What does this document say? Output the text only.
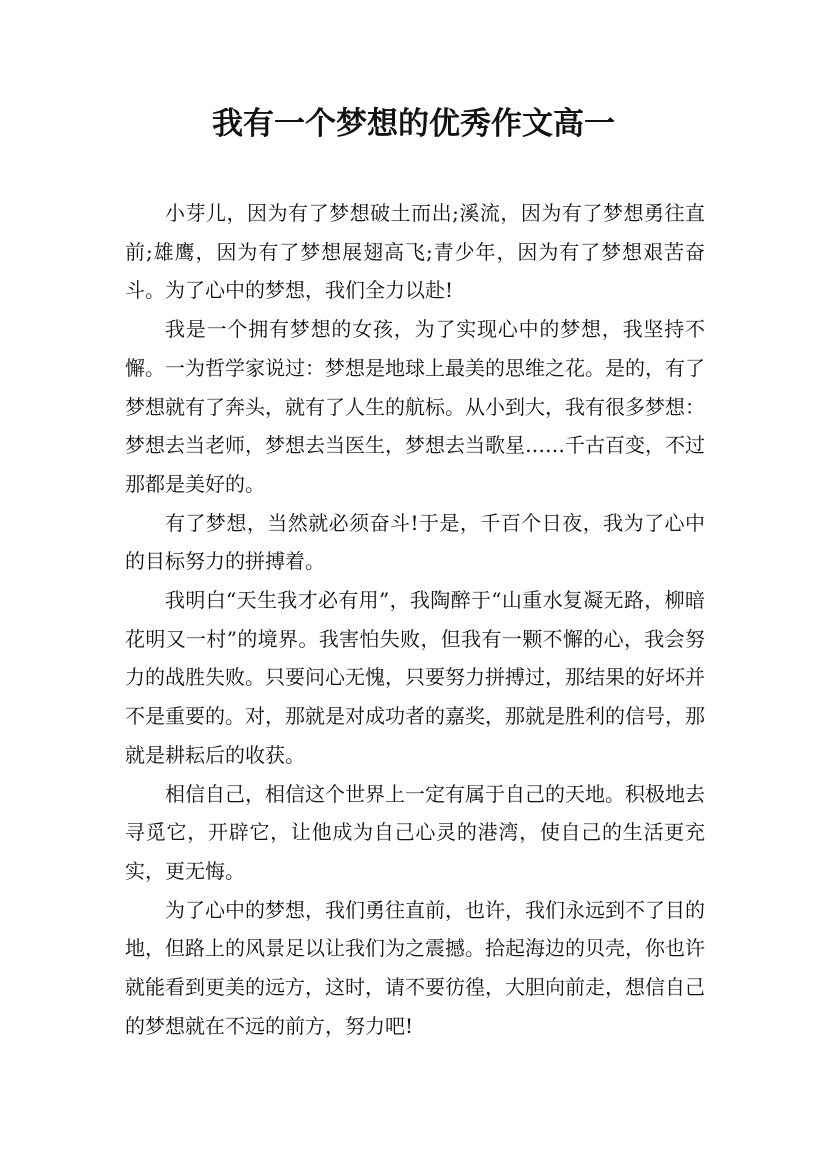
我有一个梦想的优秀作文高一

小芽儿，因为有了梦想破土而出;溪流，因为有了梦想勇往直前;雄鹰，因为有了梦想展翅高飞;青少年，因为有了梦想艰苦奋斗。为了心中的梦想，我们全力以赴!

我是一个拥有梦想的女孩，为了实现心中的梦想，我坚持不懈。一为哲学家说过：梦想是地球上最美的思维之花。是的，有了梦想就有了奔头，就有了人生的航标。从小到大，我有很多梦想：梦想去当老师，梦想去当医生，梦想去当歌星……千古百变，不过那都是美好的。

有了梦想，当然就必须奋斗!于是，千百个日夜，我为了心中的目标努力的拼搏着。

我明白“天生我才必有用”，我陶醉于“山重水复凝无路，柳暗花明又一村”的境界。我害怕失败，但我有一颗不懈的心，我会努力的战胜失败。只要问心无愧，只要努力拼搏过，那结果的好坏并不是重要的。对，那就是对成功者的嘉奖，那就是胜利的信号，那就是耕耘后的收获。

相信自己，相信这个世界上一定有属于自己的天地。积极地去寻觅它，开辟它，让他成为自己心灵的港湾，使自己的生活更充实，更无悔。

为了心中的梦想，我们勇往直前，也许，我们永远到不了目的地，但路上的风景足以让我们为之震撼。拾起海边的贝壳，你也许就能看到更美的远方，这时，请不要彷徨，大胆向前走，想信自己的梦想就在不远的前方，努力吧!
